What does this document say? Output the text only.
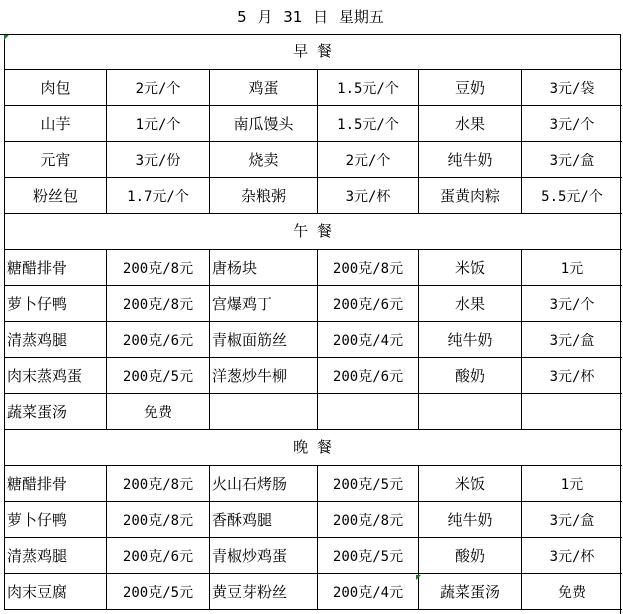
5 月 31 日 星期五
早 餐
肉包	2元/个	鸡蛋	1.5元/个	豆奶	3元/袋
山芋	1元/个	南瓜馒头	1.5元/个	水果	3元/个
元宵	3元/份	烧卖	2元/个	纯牛奶	3元/盒
粉丝包	1.7元/个	杂粮粥	3元/杯	蛋黄肉粽	5.5元/个
午 餐
糖醋排骨	200克/8元	唐杨块	200克/8元	米饭	1元
萝卜仔鸭	200克/8元	宫爆鸡丁	200克/6元	水果	3元/个
清蒸鸡腿	200克/6元	青椒面筋丝	200克/4元	纯牛奶	3元/盒
肉末蒸鸡蛋	200克/5元	洋葱炒牛柳	200克/6元	酸奶	3元/杯
蔬菜蛋汤	免费
晚 餐
糖醋排骨	200克/8元	火山石烤肠	200克/5元	米饭	1元
萝卜仔鸭	200克/8元	香酥鸡腿	200克/8元	纯牛奶	3元/盒
清蒸鸡腿	200克/6元	青椒炒鸡蛋	200克/5元	酸奶	3元/杯
肉末豆腐	200克/5元	黄豆芽粉丝	200克/4元	蔬菜蛋汤	免费
